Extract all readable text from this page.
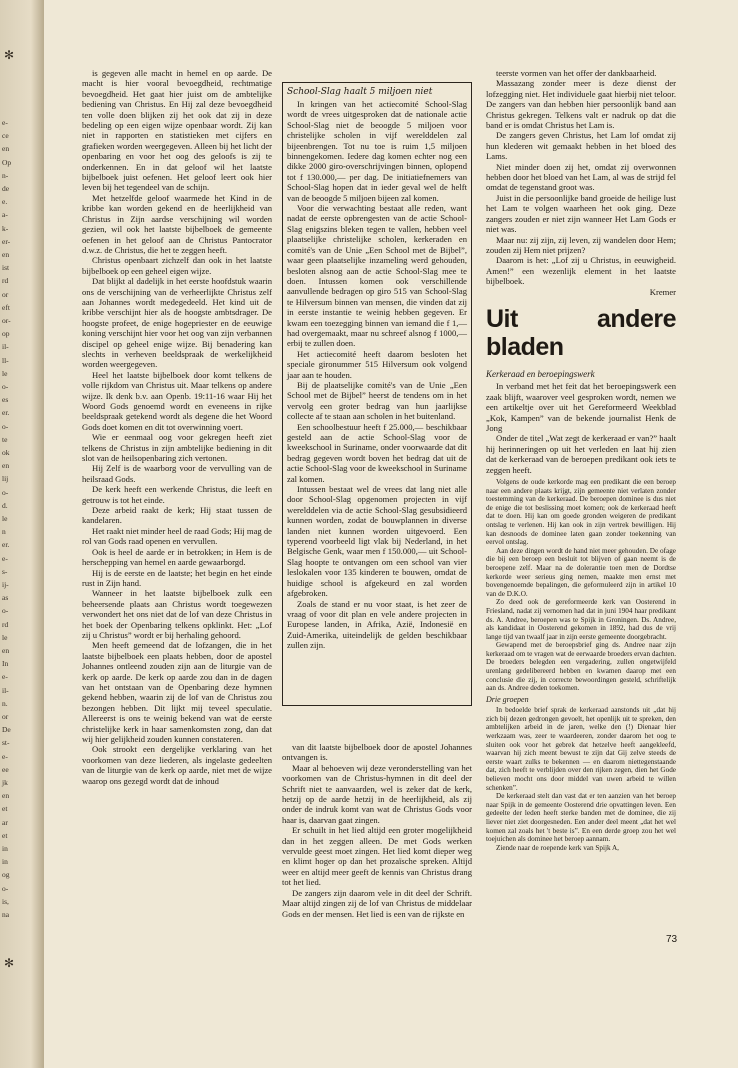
✻
e-
ce
en
Op
n-
de
e.
a-
k-
er-
en
ist
rd
or
eft
or-
op
il-
ll-
le
o-
es
er.
o-
te
ok
en
lij
o-
d.
le
n
er.
e-
s-
ij-
as
o-
rd
le
en
In
e-
il-
n.
or
De
st-
e-
ee
jk
en
et
ar
et
in
in
og
o-
is,
na
✻

is gegeven alle macht in hemel en op aarde. De macht is hier vooral bevoegdheid, rechtmatige bevoegdheid. Het gaat hier juist om de ambtelijke bediening van Christus. En Hij zal deze bevoegdheid ten volle doen blijken zij het ook dat zij in deze bedeling op een eigen wijze openbaar wordt. Zij kan niet in rapporten en statistieken met cijfers en grafieken worden weergegeven. Alleen bij het licht der openbaring en voor het oog des geloofs is zij te onderkennen. En in dat geloof wil het laatste bijbelboek juist oefenen. Het geloof leert ook hier leven bij het tegendeel van de schijn.

Met hetzelfde geloof waarmede het Kind in de kribbe kan worden gekend en de heerlijkheid van Christus in Zijn aardse verschijning wil worden gezien, wil ook het laatste bijbelboek de gemeente oefenen in het geloof aan de Christus Pantocrator d.w.z. de Christus, die het te zeggen heeft.

Christus openbaart zichzelf dan ook in het laatste bijbelboek op een geheel eigen wijze.

Dat blijkt al dadelijk in het eerste hoofdstuk waarin ons de verschijning van de verheerlijkte Christus zelf aan Johannes wordt medegedeeld. Het kind uit de kribbe verschijnt hier als de hoogste ambtsdrager. De hoogste profeet, de enige hogepriester en de eeuwige koning verschijnt hier voor het oog van zijn verbannen discipel op geheel enige wijze. Bij benadering kan slechts in verheven beeldspraak de werkelijkheid worden weergegeven.

Heel het laatste bijbelboek door komt telkens de volle rijkdom van Christus uit. Maar telkens op andere wijze. Ik denk b.v. aan Openb. 19:11-16 waar Hij het Woord Gods genoemd wordt en eveneens in rijke beeldspraak getekend wordt als degene die het Woord Gods doet komen en dit tot overwinning voert.

Wie er eenmaal oog voor gekregen heeft ziet telkens de Christus in zijn ambtelijke bediening in dit slot van de heilsopenbaring zich vertonen.

Hij Zelf is de waarborg voor de vervulling van de heilsraad Gods.

De kerk heeft een werkende Christus, die leeft en getrouw is tot het einde.

Deze arbeid raakt de kerk; Hij staat tussen de kandelaren.

Het raakt niet minder heel de raad Gods; Hij mag de rol van Gods raad openen en vervullen.

Ook is heel de aarde er in betrokken; in Hem is de herschepping van hemel en aarde gewaarborgd.

Hij is de eerste en de laatste; het begin en het einde rust in Zijn hand.

Wanneer in het laatste bijbelboek zulk een beheersende plaats aan Christus wordt toegewezen verwondert het ons niet dat de lof van deze Christus in het boek der Openbaring telkens opklinkt. Het: „Lof zij u Christus” wordt er bij herhaling gehoord.

Men heeft gemeend dat de lofzangen, die in het laatste bijbelboek een plaats hebben, door de apostel Johannes ontleend zouden zijn aan de liturgie van de kerk op aarde. De kerk op aarde zou dan in de dagen van het ontstaan van de Openbaring deze hymnen gekend hebben, waarin zij de lof van de Christus zou bezongen hebben. Dit lijkt mij teveel speculatie. Allereerst is ons te weinig bekend van wat de eerste christelijke kerk in haar samenkomsten zong, dan dat wij hier gelijkheid zouden kunnen constateren.

Ook strookt een dergelijke verklaring van het voorkomen van deze liederen, als ingelaste gedeelten van de liturgie van de kerk op aarde, niet met de wijze waarop ons gezegd wordt dat de inhoud

School-Slag haalt 5 miljoen niet

In kringen van het actiecomité School-Slag wordt de vrees uitgesproken dat de nationale actie School-Slag niet de beoogde 5 miljoen voor christelijke scholen in vijf werelddelen zal bijeenbrengen. Tot nu toe is ruim 1,5 miljoen binnengekomen. Iedere dag komen echter nog een dikke 2000 giro-overschrijvingen binnen, oplopend tot f 130.000,— per dag. De initiatiefnemers van School-Slag hopen dat in ieder geval wel de helft van de beoogde 5 miljoen bijeen zal komen.

Voor die verwachting bestaat alle reden, want nadat de eerste opbrengesten van de actie School-Slag enigszins bleken tegen te vallen, hebben veel plaatselijke christelijke scholen, kerkeraden en comité's van de Unie „Een School met de Bijbel”, waar geen plaatselijke inzameling werd gehouden, besloten alsnog aan de actie School-Slag mee te doen. Intussen komen ook verschillende aanvullende bedragen op giro 515 van School-Slag te Hilversum binnen van mensen, die vinden dat zij in eerste instantie te weinig hebben gegeven. Er kwam een toezegging binnen van iemand die f 1,— had overgemaakt, maar nu schreef alsnog f 1000,— erbij te zullen doen.

Het actiecomité heeft daarom besloten het speciale gironummer 515 Hilversum ook volgend jaar aan te houden.

Bij de plaatselijke comité's van de Unie „Een School met de Bijbel” heerst de tendens om in het vervolg een groter bedrag van hun jaarlijkse collecte af te staan aan scholen in het buitenland.

Een schoolbestuur heeft f 25.000,— beschikbaar gesteld aan de actie School-Slag voor de kweekschool in Suriname, onder voorwaarde dat dit bedrag gegeven wordt boven het bedrag dat uit de actie School-Slag voor de kweekschool in Suriname zal komen.

Intussen bestaat wel de vrees dat lang niet alle door School-Slag opgenomen projecten in vijf werelddelen via de actie School-Slag gesubsidieerd kunnen worden, zodat de bouwplannen in diverse landen niet kunnen worden uitgevoerd. Een typerend voorbeeld ligt vlak bij Nederland, in het Belgische Genk, waar men f 150.000,— uit School-Slag hoopte te ontvangen om een school van vier leslokalen voor 135 kinderen te bouwen, omdat de huidige school is afgekeurd en zal worden afgebroken.

Zoals de stand er nu voor staat, is het zeer de vraag of voor dit plan en vele andere projecten in Europese landen, in Afrika, Azië, Indonesië en Zuid-Amerika, uiteindelijk de gelden beschikbaar zullen zijn.

van dit laatste bijbelboek door de apostel Johannes ontvangen is.

Maar al behoeven wij deze veronderstelling van het voorkomen van de Christus-hymnen in dit deel der Schrift niet te aanvaarden, wel is zeker dat de kerk, hetzij op de aarde hetzij in de heerlijkheid, als zij onder de indruk komt van wat de Christus Gods voor haar is, daarvan gaat zingen.

Er schuilt in het lied altijd een groter mogelijkheid dan in het zeggen alleen. De met Gods werken vervulde geest moet zingen. Het lied komt dieper weg en klimt hoger op dan het prozaïsche spreken. Altijd weer en altijd meer geeft de kennis van Christus drang tot het lied.

De zangers zijn daarom vele in dit deel der Schrift. Maar altijd zingen zij de lof van Christus de middelaar Gods en der mensen. Het lied is een van de rijkste en

teerste vormen van het offer der dankbaarheid.

Massazang zonder meer is deze dienst der lofzegging niet. Het individuele gaat hierbij niet teloor. De zangers van dan hebben hier persoonlijk band aan Christus gekregen. Telkens valt er nadruk op dat die band er is omdat Christus het Lam is.

De zangers geven Christus, het Lam lof omdat zij hun klederen wit gemaakt hebben in het bloed des Lams.

Niet minder doen zij het, omdat zij overwonnen hebben door het bloed van het Lam, al was de strijd fel omdat de tegenstand groot was.

Juist in die persoonlijke band groeide de heilige lust het Lam te volgen waarheen het ook ging. Deze zangers zouden er niet zijn wanneer Het Lam Gods er niet was.

Maar nu: zij zijn, zij leven, zij wandelen door Hem; zouden zij Hem niet prijzen?

Daarom is het: „Lof zij u Christus, in eeuwigheid. Amen!” een wezenlijk element in het laatste bijbelboek.

Kremer

Uit andere bladen
Kerkeraad en beroepingswerk

In verband met het feit dat het beroepingswerk een zaak blijft, waarover veel gesproken wordt, nemen we een artikeltje over uit het Gereformeerd Weekblad „Kok, Kampen” van de bekende journalist Henk de Jong

Onder de titel „Wat zegt de kerkeraad er van?” haalt hij herinneringen op uit het verleden en laat hij zien dat de kerkeraad van de beroepen predikant ook iets te zeggen heeft.

Volgens de oude kerkorde mag een predikant die een beroep naar een andere plaats krijgt, zijn gemeente niet verlaten zonder toestemming van de kerkeraad. De beroepen dominee is dus niet de enige die tot beslissing moet komen; ook de kerkeraad heeft dat te doen. Hij kan om goede gronden weigeren de predikant ontslag te verlenen. Hij kan ook in zijn vertrek bewilligen. Hij kan desnoods de dominee laten gaan zonder toekenning van eervol ontslag.

Aan deze dingen wordt de hand niet meer gehouden. De ofage die bij een beroep een besluit tot blijven of gaan neemt is de beroepene zelf. Maar na de dolerantie toen men de Dordtse kerkorde weer serieus ging nemen, maakte men ernst met bovengenoemde bepalingen, die geformuleerd zijn in artikel 10 van de D.K.O.

Zo deed ook de gereformeerde kerk van Oosterend in Friesland, nadat zij vernomen had dat in juni 1904 haar predikant ds. A. Andree, beroepen was te Spijk in Groningen. Ds. Andree, als kandidaat in Oosterend gekomen in 1892, had dus de vrij lange tijd van twaalf jaar in zijn eerste gemeente doorgebracht.

Gewapend met de beroepsbrief ging ds. Andree naar zijn kerkeraad om te vragen wat de eerwaarde broeders ervan dachten. De broeders belegden een vergadering, zullen ongetwijfeld urenlang gedelibereerd hebben en kwamen daarop met een conclusie die zij, in correcte bewoordingen gesteld, schriftelijk aan ds. Andree deden toekomen.

Drie groepen

In bedoelde brief sprak de kerkeraad aanstonds uit „dat hij zich bij dezen gedrongen gevoelt, het openlijk uit te spreken, den ambtelijken arbeid in de jaren, welke den (!) Dienaar hier werkzaam was, zeer te waardeeren, zonder daarom het oog te sluiten ook voor het gebrek dat hetzelve heeft aangekleefd, waarvan hij zich meent bewust te zijn dat Gij zelve steeds de eerste waart zulks te bekennen — en daarom niettegenstaande dat, zich heeft te verblijden over den rijken zegen, dien het Gode believen mocht ons door middel van uwen arbeid te willen schenken”.

De kerkeraad stelt dan vast dat er ten aanzien van het beroep naar Spijk in de gemeente Oosterend drie opvattingen leven. Een gedeelte der leden heeft sterke banden met de dominee, die zij liever niet ziet doorgesneden. Een ander deel meent „dat het wel komen zal zoals het 't beste is”. En een derde groep zou het wel toejuichen als dominee het beroep aannam.

Ziende naar de roepende kerk van Spijk A,

73
